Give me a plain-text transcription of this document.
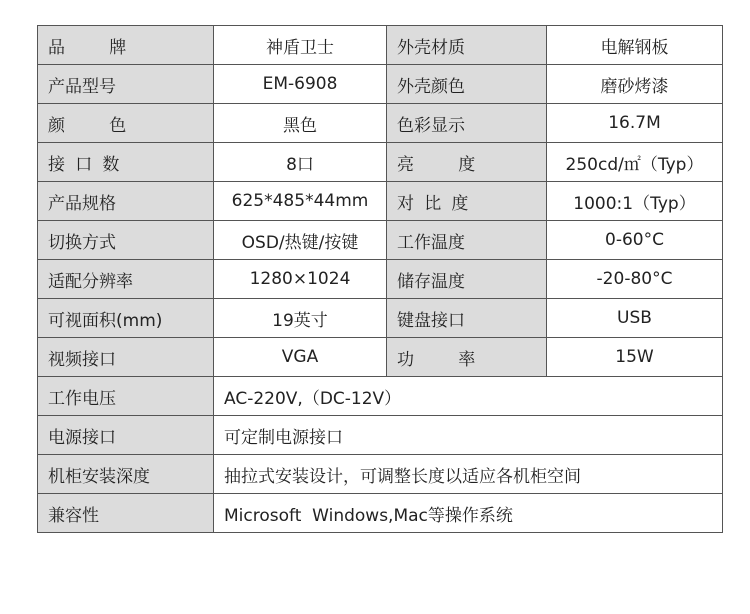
品牌	神盾卫士	外壳材质	电解钢板
产品型号	EM-6908	外壳颜色	磨砂烤漆
颜色	黑色	色彩显示	16.7M
接口数	8口	亮度	250cd/㎡（Typ）
产品规格	625*485*44mm	对比度	1000:1（Typ）
切换方式	OSD/热键/按键	工作温度	0-60°C
适配分辨率	1280×1024	储存温度	-20-80°C
可视面积(mm)	19英寸	键盘接口	USB
视频接口	VGA	功率	15W
工作电压	AC-220V,（DC-12V）		
电源接口	可定制电源接口		
机柜安装深度	抽拉式安装设计，可调整长度以适应各机柜空间		
兼容性	Microsoft  Windows,Mac等操作系统		
